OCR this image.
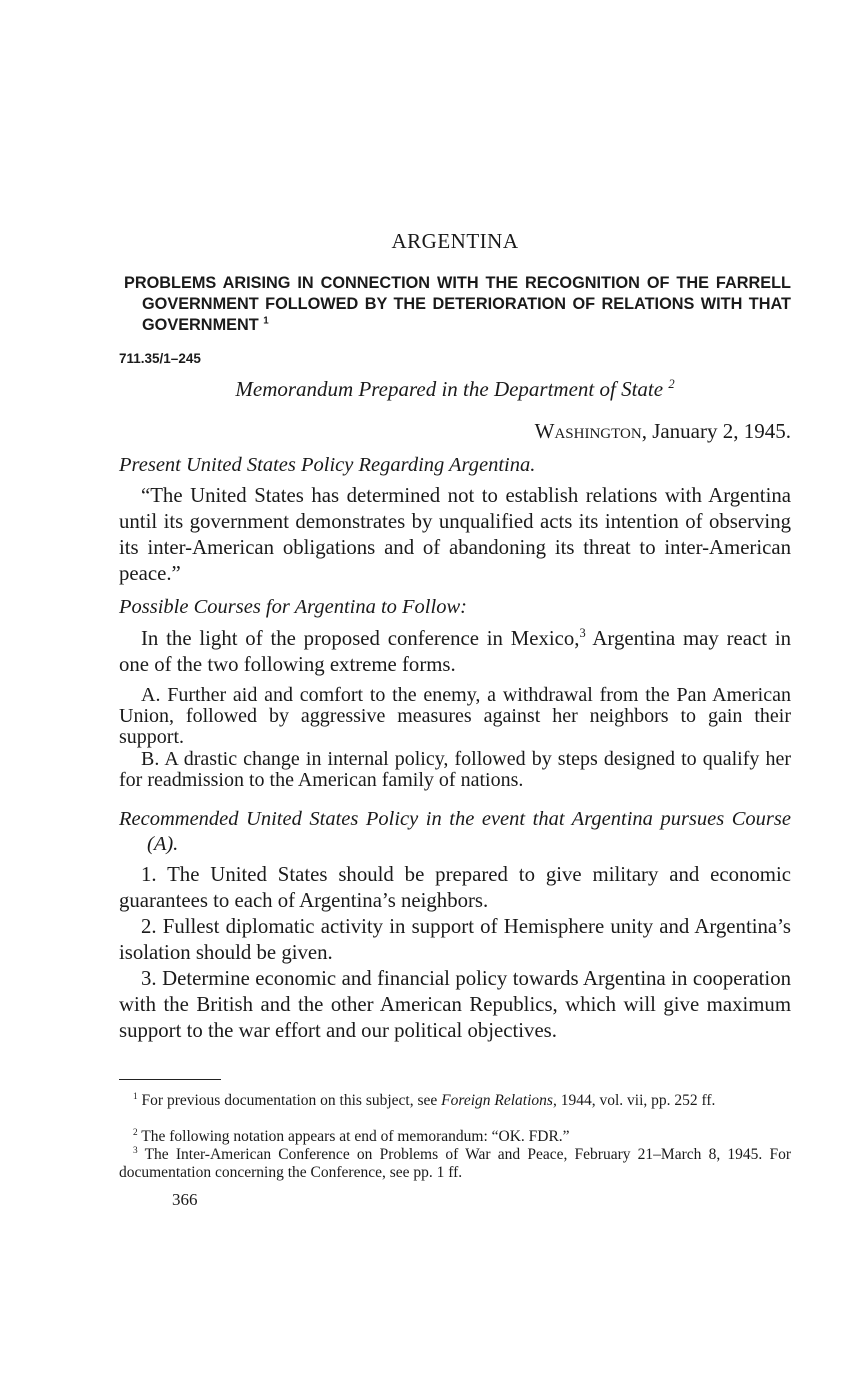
ARGENTINA
PROBLEMS ARISING IN CONNECTION WITH THE RECOGNITION OF THE FARRELL GOVERNMENT FOLLOWED BY THE DETERIORATION OF RELATIONS WITH THAT GOVERNMENT $^1$
711.35/1–245
Memorandum Prepared in the Department of State $^2$
Washington, January 2, 1945.
Present United States Policy Regarding Argentina.
“The United States has determined not to establish relations with Argentina until its government demonstrates by unqualified acts its intention of observing its inter-American obligations and of abandoning its threat to inter-American peace.”
Possible Courses for Argentina to Follow:
In the light of the proposed conference in Mexico,$^3$ Argentina may react in one of the two following extreme forms.
A. Further aid and comfort to the enemy, a withdrawal from the Pan American Union, followed by aggressive measures against her neighbors to gain their support.
B. A drastic change in internal policy, followed by steps designed to qualify her for readmission to the American family of nations.
Recommended United States Policy in the event that Argentina pursues Course (A).
1. The United States should be prepared to give military and economic guarantees to each of Argentina’s neighbors.
2. Fullest diplomatic activity in support of Hemisphere unity and Argentina’s isolation should be given.
3. Determine economic and financial policy towards Argentina in cooperation with the British and the other American Republics, which will give maximum support to the war effort and our political objectives.
$^1$ For previous documentation on this subject, see Foreign Relations, 1944, vol. vii, pp. 252 ff.
$^2$ The following notation appears at end of memorandum: “OK. FDR.”
$^3$ The Inter-American Conference on Problems of War and Peace, February 21–March 8, 1945. For documentation concerning the Conference, see pp. 1 ff.
366
